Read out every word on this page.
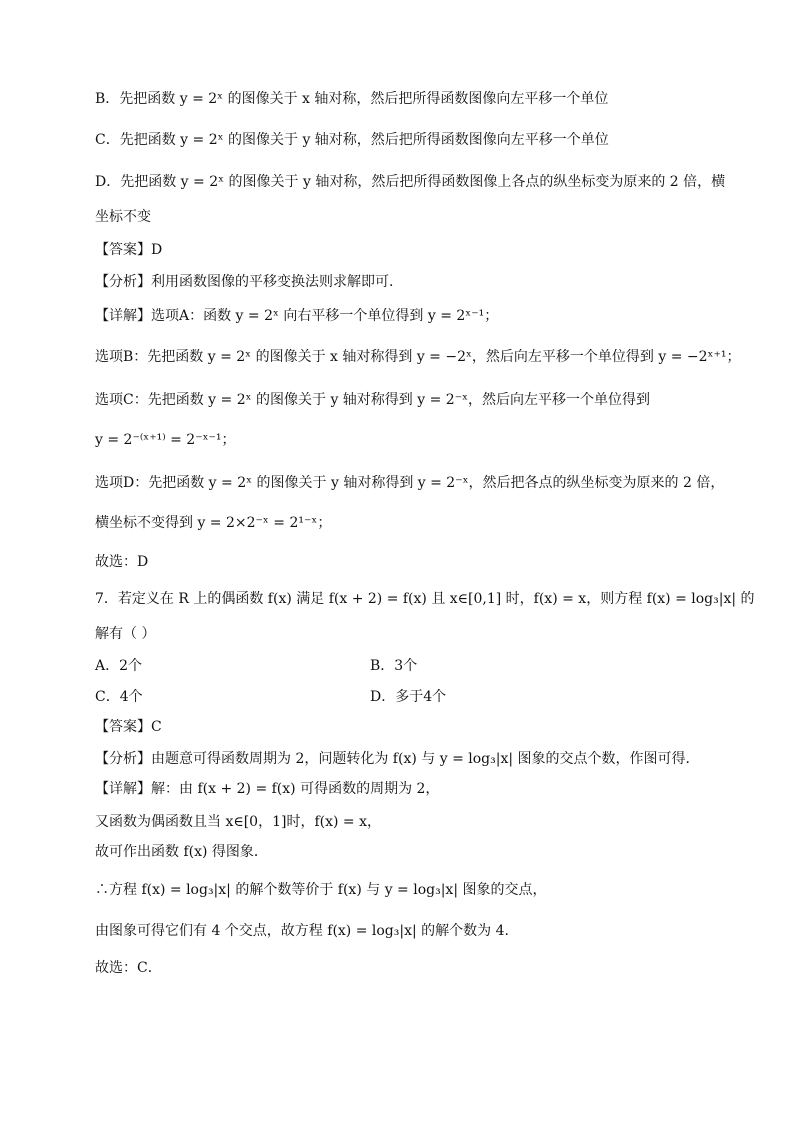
B．先把函数 y = 2ˣ 的图像关于 x 轴对称，然后把所得函数图像向左平移一个单位
C．先把函数 y = 2ˣ 的图像关于 y 轴对称，然后把所得函数图像向左平移一个单位
D．先把函数 y = 2ˣ 的图像关于 y 轴对称，然后把所得函数图像上各点的纵坐标变为原来的 2 倍，横
坐标不变
【答案】D
【分析】利用函数图像的平移变换法则求解即可.
【详解】选项A：函数 y = 2ˣ 向右平移一个单位得到 y = 2ˣ⁻¹；
选项B：先把函数 y = 2ˣ 的图像关于 x 轴对称得到 y = −2ˣ，然后向左平移一个单位得到 y = −2ˣ⁺¹；
选项C：先把函数 y = 2ˣ 的图像关于 y 轴对称得到 y = 2⁻ˣ，然后向左平移一个单位得到
y = 2⁻⁽ˣ⁺¹⁾ = 2⁻ˣ⁻¹；
选项D：先把函数 y = 2ˣ 的图像关于 y 轴对称得到 y = 2⁻ˣ，然后把各点的纵坐标变为原来的 2 倍，
横坐标不变得到 y = 2×2⁻ˣ = 2¹⁻ˣ；
故选：D
7．若定义在 R 上的偶函数 f(x) 满足 f(x + 2) = f(x) 且 x∈[0,1] 时，f(x) = x，则方程 f(x) = log₃|x| 的
解有（ ）
A．2个	B．3个
C．4个	D．多于4个
【答案】C
【分析】由题意可得函数周期为 2，问题转化为 f(x) 与 y = log₃|x| 图象的交点个数，作图可得．
【详解】解：由 f(x + 2) = f(x) 可得函数的周期为 2，
又函数为偶函数且当 x∈[0，1]时，f(x) = x，
故可作出函数 f(x) 得图象．
∴方程 f(x) = log₃|x| 的解个数等价于 f(x) 与 y = log₃|x| 图象的交点，
由图象可得它们有 4 个交点，故方程 f(x) = log₃|x| 的解个数为 4.
故选：C．
